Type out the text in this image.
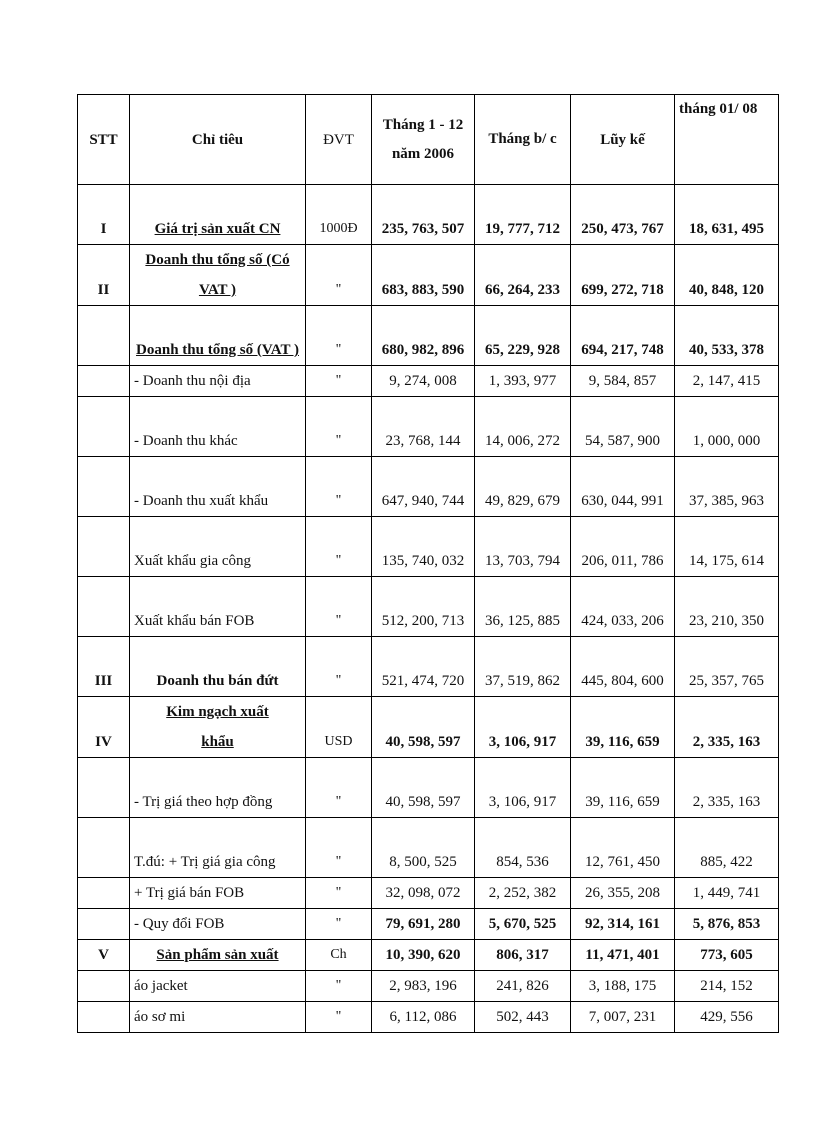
STT	Chỉ tiêu	ĐVT	Tháng 1 - 12 năm 2006	Tháng b/ c	Lũy kế	tháng 01/ 08
I	Giá trị sản xuất CN	1000Đ	235, 763, 507	19, 777, 712	250, 473, 767	18, 631, 495
II	Doanh thu tổng số (Có VAT )	"	683, 883, 590	66, 264, 233	699, 272, 718	40, 848, 120
	Doanh thu tổng số (VAT )	"	680, 982, 896	65, 229, 928	694, 217, 748	40, 533, 378
	- Doanh thu nội địa	"	9, 274, 008	1, 393, 977	9, 584, 857	2, 147, 415
	- Doanh thu khác	"	23, 768, 144	14, 006, 272	54, 587, 900	1, 000, 000
	- Doanh thu xuất khẩu	"	647, 940, 744	49, 829, 679	630, 044, 991	37, 385, 963
	Xuất khẩu gia công	"	135, 740, 032	13, 703, 794	206, 011, 786	14, 175, 614
	Xuất khẩu bán FOB	"	512, 200, 713	36, 125, 885	424, 033, 206	23, 210, 350
III	Doanh thu bán đứt	"	521, 474, 720	37, 519, 862	445, 804, 600	25, 357, 765
IV	Kim ngạch xuất khẩu	USD	40, 598, 597	3, 106, 917	39, 116, 659	2, 335, 163
	- Trị giá theo hợp đồng	"	40, 598, 597	3, 106, 917	39, 116, 659	2, 335, 163
	T.đú: + Trị giá gia công	"	8, 500, 525	854, 536	12, 761, 450	885, 422
	+ Trị giá bán FOB	"	32, 098, 072	2, 252, 382	26, 355, 208	1, 449, 741
	- Quy đổi FOB	"	79, 691, 280	5, 670, 525	92, 314, 161	5, 876, 853
V	Sản phẩm sản xuất	Ch	10, 390, 620	806, 317	11, 471, 401	773, 605
	áo jacket	"	2, 983, 196	241, 826	3, 188, 175	214, 152
	áo sơ mi	"	6, 112, 086	502, 443	7, 007, 231	429, 556
